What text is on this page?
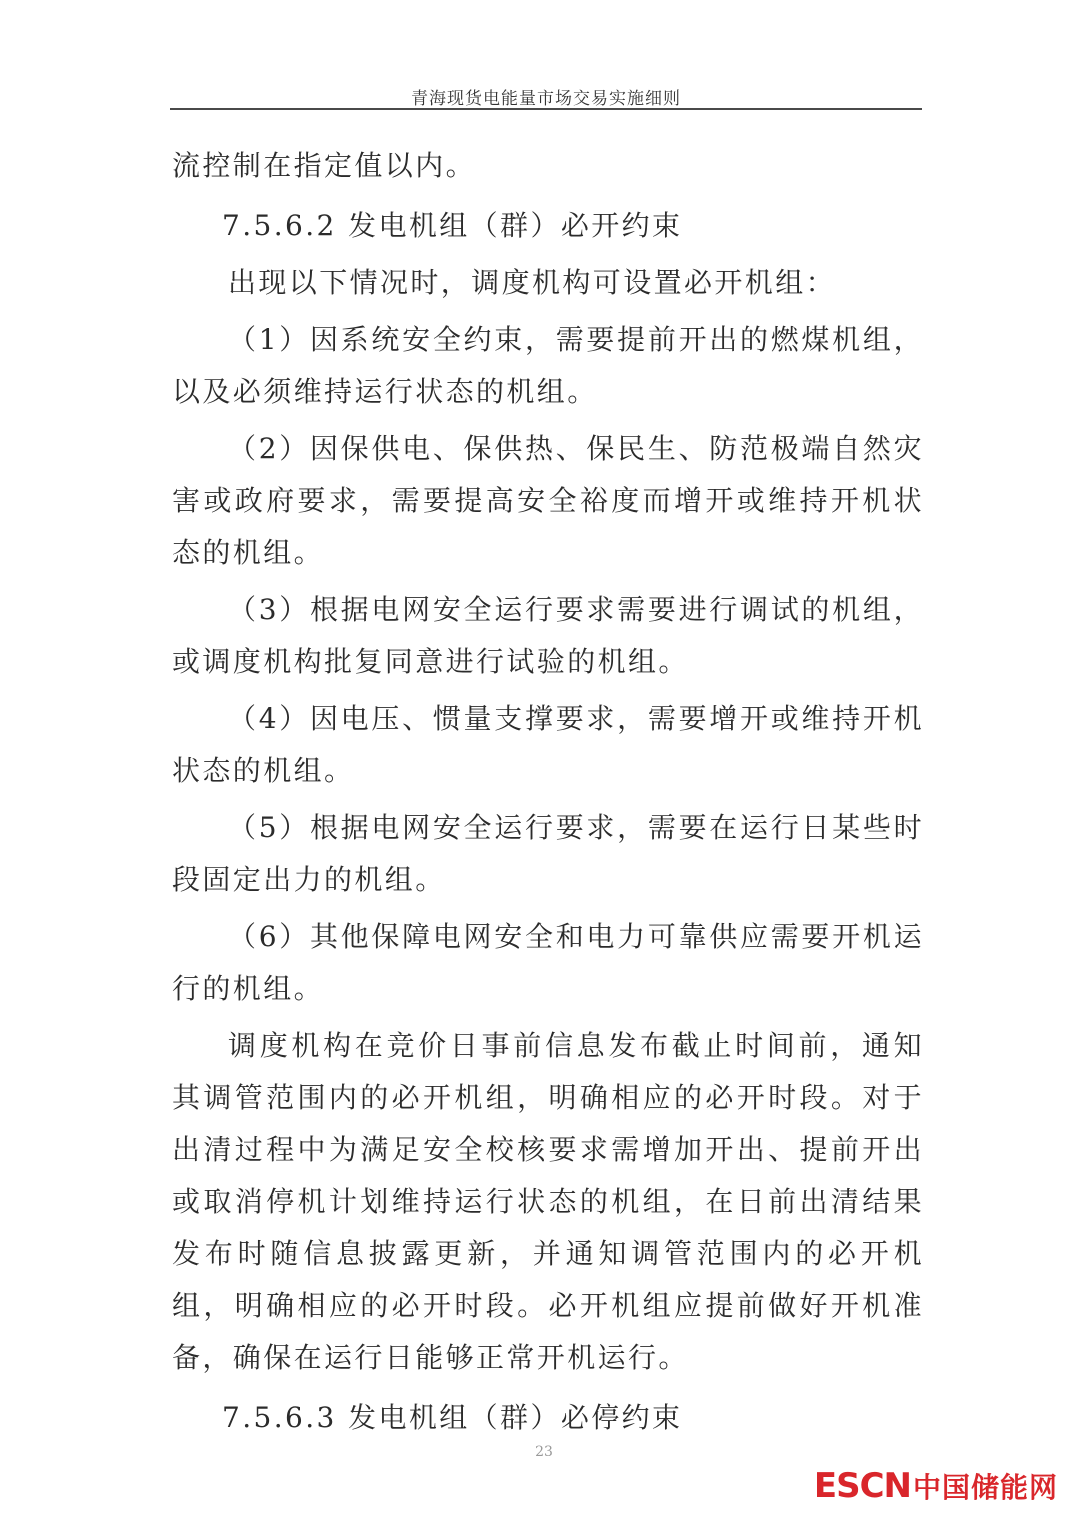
青海现货电能量市场交易实施细则

流控制在指定值以内。

7.5.6.2 发电机组（群）必开约束

出现以下情况时，调度机构可设置必开机组：

（1）因系统安全约束，需要提前开出的燃煤机组，以及必须维持运行状态的机组。

（2）因保供电、保供热、保民生、防范极端自然灾害或政府要求，需要提高安全裕度而增开或维持开机状态的机组。

（3）根据电网安全运行要求需要进行调试的机组，或调度机构批复同意进行试验的机组。

（4）因电压、惯量支撑要求，需要增开或维持开机状态的机组。

（5）根据电网安全运行要求，需要在运行日某些时段固定出力的机组。

（6）其他保障电网安全和电力可靠供应需要开机运行的机组。

调度机构在竞价日事前信息发布截止时间前，通知其调管范围内的必开机组，明确相应的必开时段。对于出清过程中为满足安全校核要求需增加开出、提前开出或取消停机计划维持运行状态的机组，在日前出清结果发布时随信息披露更新，并通知调管范围内的必开机组，明确相应的必开时段。必开机组应提前做好开机准备，确保在运行日能够正常开机运行。

7.5.6.3 发电机组（群）必停约束

23
ESCN 中国储能网
